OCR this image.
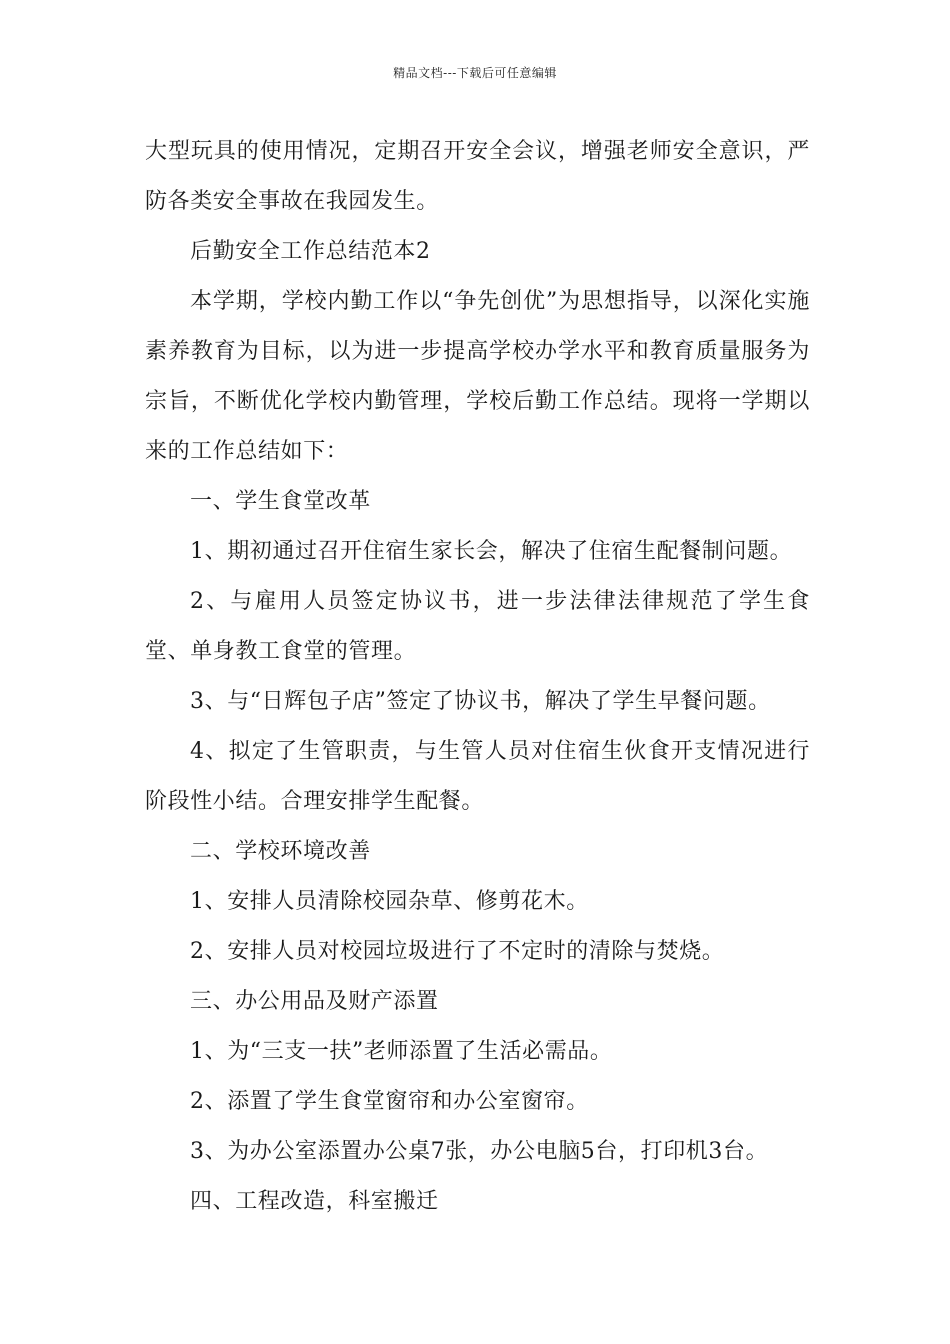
精品文档---下载后可任意编辑

大型玩具的使用情况，定期召开安全会议，增强老师安全意识，严防各类安全事故在我园发生。

后勤安全工作总结范本2

本学期，学校内勤工作以“争先创优”为思想指导，以深化实施素养教育为目标，以为进一步提高学校办学水平和教育质量服务为宗旨，不断优化学校内勤管理，学校后勤工作总结。现将一学期以来的工作总结如下：

一、学生食堂改革

1、期初通过召开住宿生家长会，解决了住宿生配餐制问题。

2、与雇用人员签定协议书，进一步法律法律规范了学生食堂、单身教工食堂的管理。

3、与“日辉包子店”签定了协议书，解决了学生早餐问题。

4、拟定了生管职责，与生管人员对住宿生伙食开支情况进行阶段性小结。合理安排学生配餐。

二、学校环境改善

1、安排人员清除校园杂草、修剪花木。

2、安排人员对校园垃圾进行了不定时的清除与焚烧。

三、办公用品及财产添置

1、为“三支一扶”老师添置了生活必需品。

2、添置了学生食堂窗帘和办公室窗帘。

3、为办公室添置办公桌7张，办公电脑5台，打印机3台。

四、工程改造，科室搬迁
